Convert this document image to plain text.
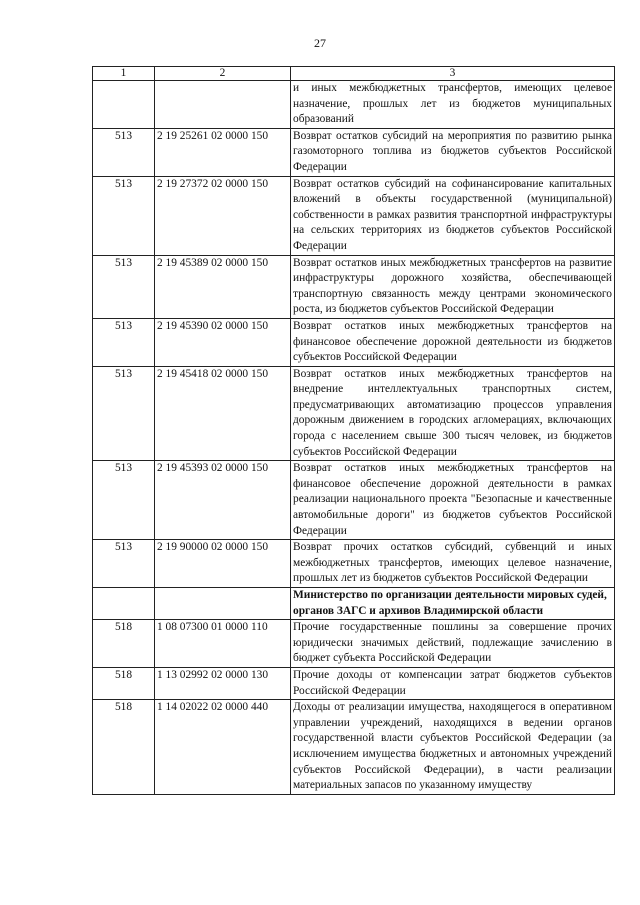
27
1	2	3
		и иных межбюджетных трансфертов, имеющих целевое назначение, прошлых лет из бюджетов муниципальных образований
513	2 19 25261 02 0000 150	Возврат остатков субсидий на мероприятия по развитию рынка газомоторного топлива из бюджетов субъектов Российской Федерации
513	2 19 27372 02 0000 150	Возврат остатков субсидий на софинансирование капитальных вложений в объекты государственной (муниципальной) собственности в рамках развития транспортной инфраструктуры на сельских территориях из бюджетов субъектов Российской Федерации
513	2 19 45389 02 0000 150	Возврат остатков иных межбюджетных трансфертов на развитие инфраструктуры дорожного хозяйства, обеспечивающей транспортную связанность между центрами экономического роста, из бюджетов субъектов Российской Федерации
513	2 19 45390 02 0000 150	Возврат остатков иных межбюджетных трансфертов на финансовое обеспечение дорожной деятельности из бюджетов субъектов Российской Федерации
513	2 19 45418 02 0000 150	Возврат остатков иных межбюджетных трансфертов на внедрение интеллектуальных транспортных систем, предусматривающих автоматизацию процессов управления дорожным движением в городских агломерациях, включающих города с населением свыше 300 тысяч человек, из бюджетов субъектов Российской Федерации
513	2 19 45393 02 0000 150	Возврат остатков иных межбюджетных трансфертов на финансовое обеспечение дорожной деятельности в рамках реализации национального проекта "Безопасные и качественные автомобильные дороги" из бюджетов субъектов Российской Федерации
513	2 19 90000 02 0000 150	Возврат прочих остатков субсидий, субвенций и иных межбюджетных трансфертов, имеющих целевое назначение, прошлых лет из бюджетов субъектов Российской Федерации
		Министерство по организации деятельности мировых судей, органов ЗАГС и архивов Владимирской области
518	1 08 07300 01 0000 110	Прочие государственные пошлины за совершение прочих юридически значимых действий, подлежащие зачислению в бюджет субъекта Российской Федерации
518	1 13 02992 02 0000 130	Прочие доходы от компенсации затрат бюджетов субъектов Российской Федерации
518	1 14 02022 02 0000 440	Доходы от реализации имущества, находящегося в оперативном управлении учреждений, находящихся в ведении органов государственной власти субъектов Российской Федерации (за исключением имущества бюджетных и автономных учреждений субъектов Российской Федерации), в части реализации материальных запасов по указанному имуществу
